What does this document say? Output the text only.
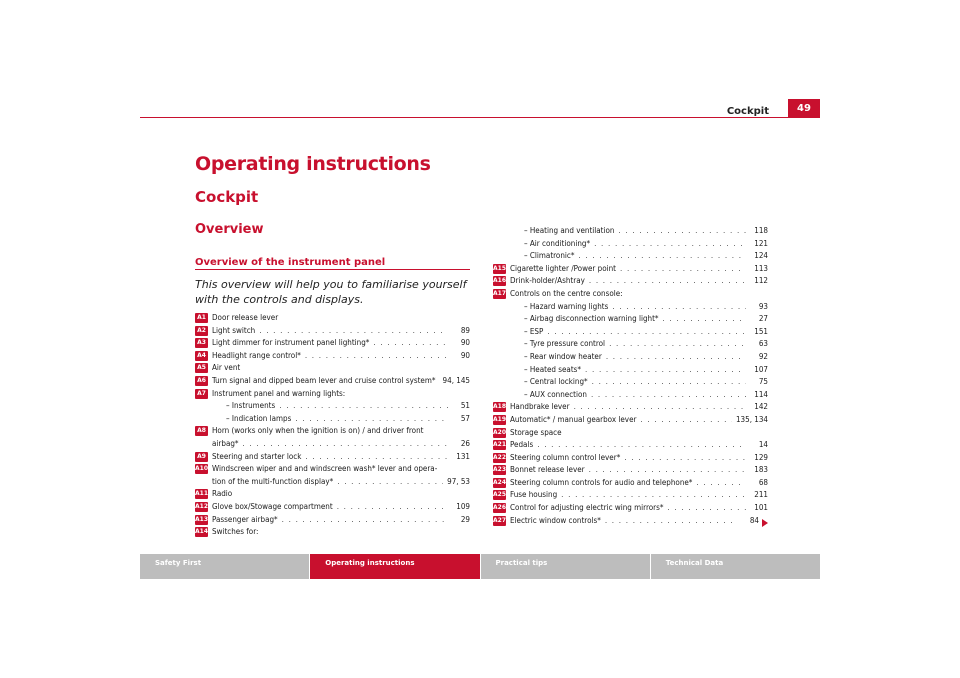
Cockpit	49
Operating instructions
Cockpit
Overview
Overview of the instrument panel
This overview will help you to familiarise yourself with the controls and displays.
A1 Door release lever
A2 Light switch . . .	89
A3 Light dimmer for instrument panel lighting* . . .	90
A4 Headlight range control* . . .	90
A5 Air vent
A6 Turn signal and dipped beam lever and cruise control system* 94, 145
A7 Instrument panel and warning lights:
– Instruments . . .	51
– Indication lamps . . .	57
A8 Horn (works only when the ignition is on) / and driver front
airbag* . . .	26
A9 Steering and starter lock . . .	131
A10 Windscreen wiper and and windscreen wash* lever and opera-
tion of the multi-function display* . . .	97, 53
A11 Radio
A12 Glove box/Stowage compartment . . .	109
A13 Passenger airbag* . . .	29
A14 Switches for:
– Heating and ventilation . . .	118
– Air conditioning* . . .	121
– Climatronic* . . .	124
A15 Cigarette lighter /Power point . . .	113
A16 Drink-holder/Ashtray . . .	112
A17 Controls on the centre console:
– Hazard warning lights . . .	93
– Airbag disconnection warning light* . . .	27
– ESP . . .	151
– Tyre pressure control . . .	63
– Rear window heater . . .	92
– Heated seats* . . .	107
– Central locking* . . .	75
– AUX connection . . .	114
A18 Handbrake lever . . .	142
A19 Automatic* / manual gearbox lever . . .	135, 134
A20 Storage space
A21 Pedals . . .	14
A22 Steering column control lever* . . .	129
A23 Bonnet release lever . . .	183
A24 Steering column controls for audio and telephone* . . .	68
A25 Fuse housing . . .	211
A26 Control for adjusting electric wing mirrors* . . .	101
A27 Electric window controls* . . .	84
Safety First	Operating instructions	Practical tips	Technical Data
